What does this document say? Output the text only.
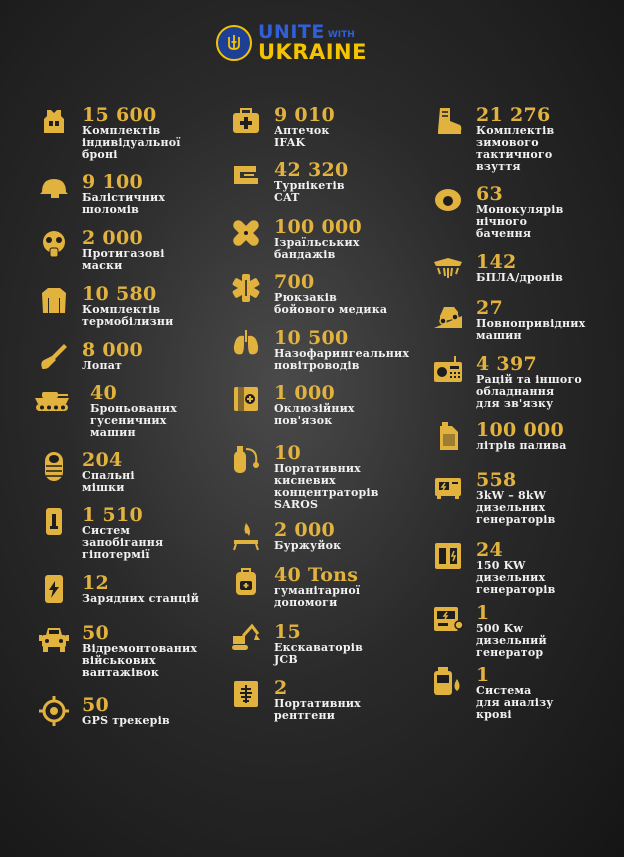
UNITE WITH
UKRAINE
15 600
Комплектів
індивідуальної
броні
9 100
Балістичних
шоломів
2 000
Протигазові
маски
10 580
Комплектів
термобілизни
8 000
Лопат
40
Броньованих
гусеничних
машин
204
Спальні
мішки
1 510
Систем
запобігання
гіпотермії
12
Зарядних станцій
50
Відремонтованих
військових
вантажівок
50
GPS трекерів
9 010
Аптечок
IFAK
42 320
Турнікетів
CAT
100 000
Ізраїльських
бандажів
700
Рюкзаків
бойового медика
10 500
Назофарингеальних
повітроводів
1 000
Оклюзійних
пов'язок
10
Портативних
кисневих
концентраторів
SAROS
2 000
Буржуйок
40 Tons
гуманітарної
допомоги
15
Екскаваторів
JCB
2
Портативних
рентгени
21 276
Комплектів
зимового
тактичного
взуття
63
Монокулярів
нічного
бачення
142
БПЛА/дронів
27
Повнопривідних
машин
4 397
Рацій та іншого
обладнання
для зв'язку
100 000
літрів палива
558
3kW – 8kW
дизельних
генераторів
24
150 KW
дизельних
генераторів
1
500 Kw
дизельний
генератор
1
Система
для аналізу
крові
